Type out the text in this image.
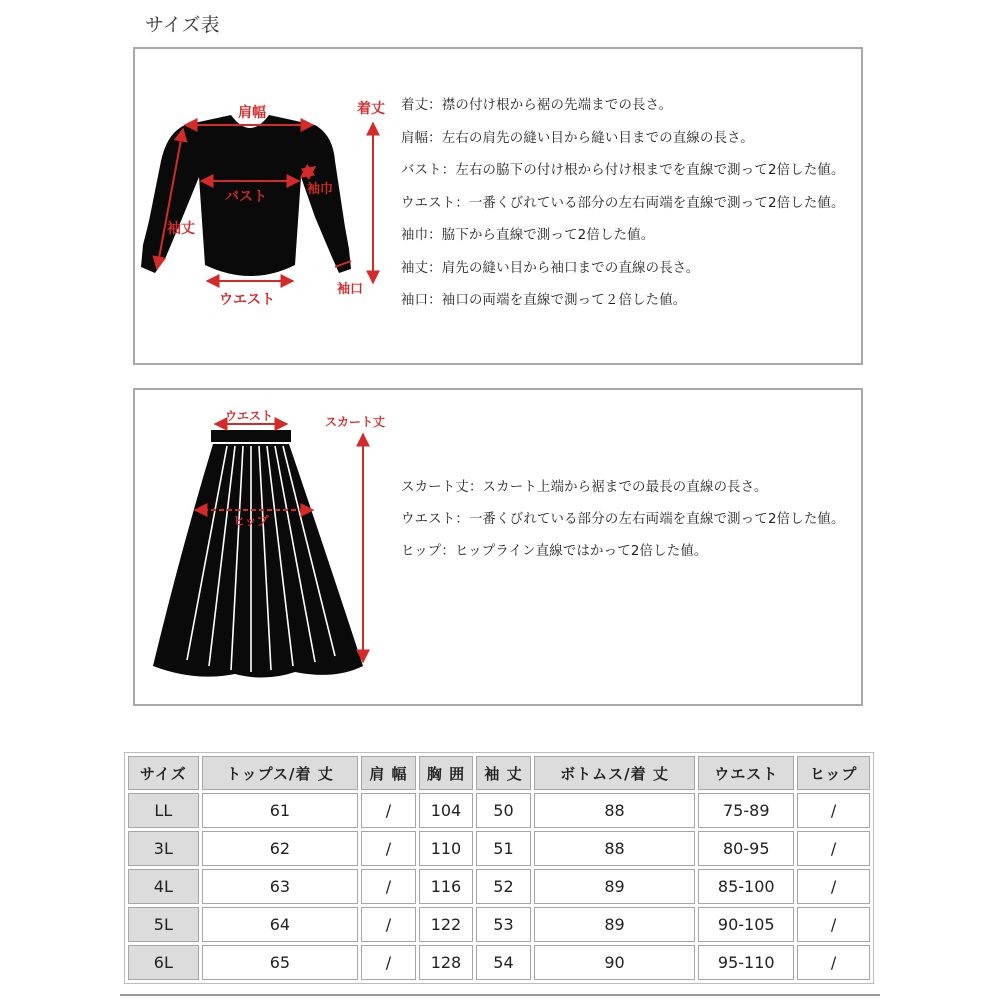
サイズ表
肩幅
バスト	袖巾
袖丈
ウエスト
袖口
着丈 着丈：襟の付け根から裾の先端までの長さ。
肩幅：左右の肩先の縫い目から縫い目までの直線の長さ。
バスト：左右の脇下の付け根から付け根までを直線で測って2倍した値。
ウエスト：一番くびれている部分の左右両端を直線で測って2倍した値。
袖巾：脇下から直線で測って2倍した値。
袖丈：肩先の縫い目から袖口までの直線の長さ。
袖口：袖口の両端を直線で測って２倍した値。
ウエスト
ヒップ
スカート丈
スカート丈：スカート上端から裾までの最長の直線の長さ。
ウエスト：一番くびれている部分の左右両端を直線で測って2倍した値。
ヒップ：ヒップライン直線ではかって2倍した値。
サイズ	トップス/着 丈	肩 幅	胸 囲	袖 丈	ボトムス/着 丈	ウエスト	ヒップ
LL	61	/	104	50	88	75-89	/
3L	62	/	110	51	88	80-95	/
4L	63	/	116	52	89	85-100	/
5L	64	/	122	53	89	90-105	/
6L	65	/	128	54	90	95-110	/
